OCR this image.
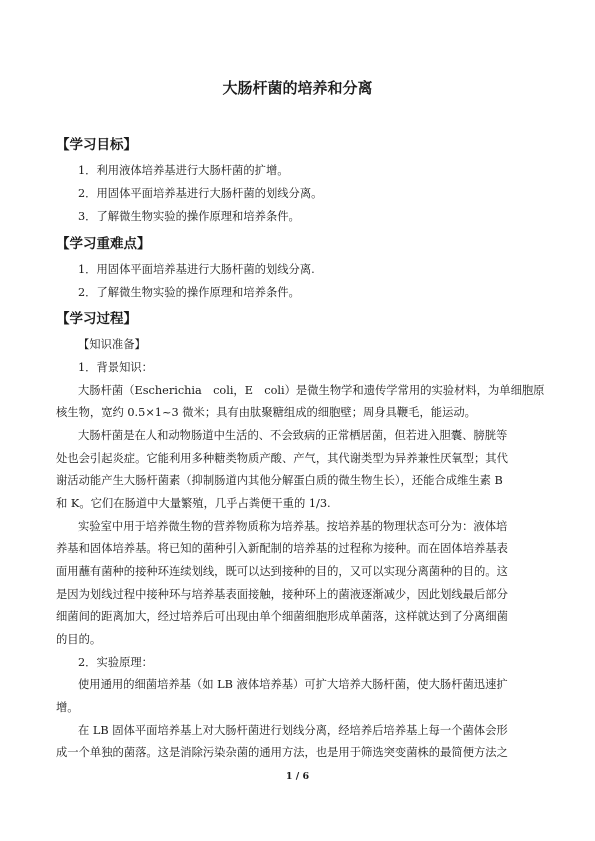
大肠杆菌的培养和分离
【学习目标】
1．利用液体培养基进行大肠杆菌的扩增。
2．用固体平面培养基进行大肠杆菌的划线分离。
3．了解微生物实验的操作原理和培养条件。
【学习重难点】
1．用固体平面培养基进行大肠杆菌的划线分离.
2．了解微生物实验的操作原理和培养条件。
【学习过程】
【知识准备】
1．背景知识：
大肠杆菌（Escherichia　coli，E　coli）是微生物学和遗传学常用的实验材料，为单细胞原
核生物，宽约 0.5×1~3 微米；具有由肽聚糖组成的细胞壁；周身具鞭毛，能运动。
大肠杆菌是在人和动物肠道中生活的、不会致病的正常栖居菌，但若进入胆囊、膀胱等
处也会引起炎症。它能利用多种糖类物质产酸、产气，其代谢类型为异养兼性厌氧型；其代
谢活动能产生大肠杆菌素（抑制肠道内其他分解蛋白质的微生物生长），还能合成维生素 B
和 K。它们在肠道中大量繁殖，几乎占粪便干重的 1/3.
实验室中用于培养微生物的营养物质称为培养基。按培养基的物理状态可分为：液体培
养基和固体培养基。将已知的菌种引入新配制的培养基的过程称为接种。而在固体培养基表
面用蘸有菌种的接种环连续划线，既可以达到接种的目的，又可以实现分离菌种的目的。这
是因为划线过程中接种环与培养基表面接触，接种环上的菌液逐渐减少，因此划线最后部分
细菌间的距离加大，经过培养后可出现由单个细菌细胞形成单菌落，这样就达到了分离细菌
的目的。
2．实验原理：
使用通用的细菌培养基（如 LB 液体培养基）可扩大培养大肠杆菌，使大肠杆菌迅速扩
增。
在 LB 固体平面培养基上对大肠杆菌进行划线分离，经培养后培养基上每一个菌体会形
成一个单独的菌落。这是消除污染杂菌的通用方法，也是用于筛选突变菌株的最简便方法之
1 / 6
